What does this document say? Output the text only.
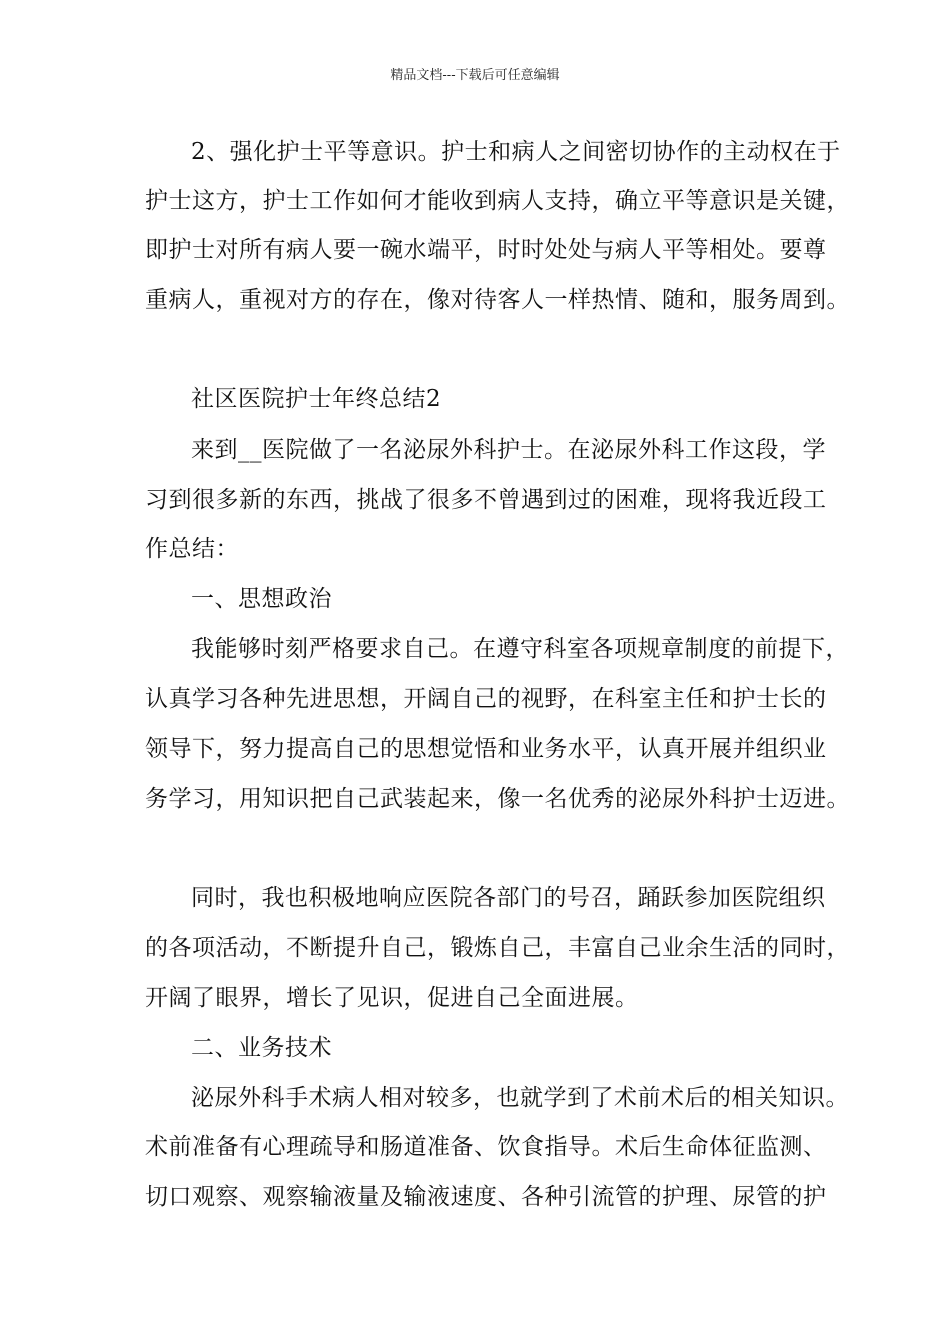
精品文档---下载后可任意编辑
2、强化护士平等意识。护士和病人之间密切协作的主动权在于
护士这方，护士工作如何才能收到病人支持，确立平等意识是关键，
即护士对所有病人要一碗水端平，时时处处与病人平等相处。要尊
重病人，重视对方的存在，像对待客人一样热情、随和，服务周到。
社区医院护士年终总结2
来到__医院做了一名泌尿外科护士。在泌尿外科工作这段，学
习到很多新的东西，挑战了很多不曾遇到过的困难，现将我近段工
作总结：
一、思想政治
我能够时刻严格要求自己。在遵守科室各项规章制度的前提下，
认真学习各种先进思想，开阔自己的视野，在科室主任和护士长的
领导下，努力提高自己的思想觉悟和业务水平，认真开展并组织业
务学习，用知识把自己武装起来，像一名优秀的泌尿外科护士迈进。
同时，我也积极地响应医院各部门的号召，踊跃参加医院组织
的各项活动，不断提升自己，锻炼自己，丰富自己业余生活的同时，
开阔了眼界，增长了见识，促进自己全面进展。
二、业务技术
泌尿外科手术病人相对较多，也就学到了术前术后的相关知识。
术前准备有心理疏导和肠道准备、饮食指导。术后生命体征监测、
切口观察、观察输液量及输液速度、各种引流管的护理、尿管的护
